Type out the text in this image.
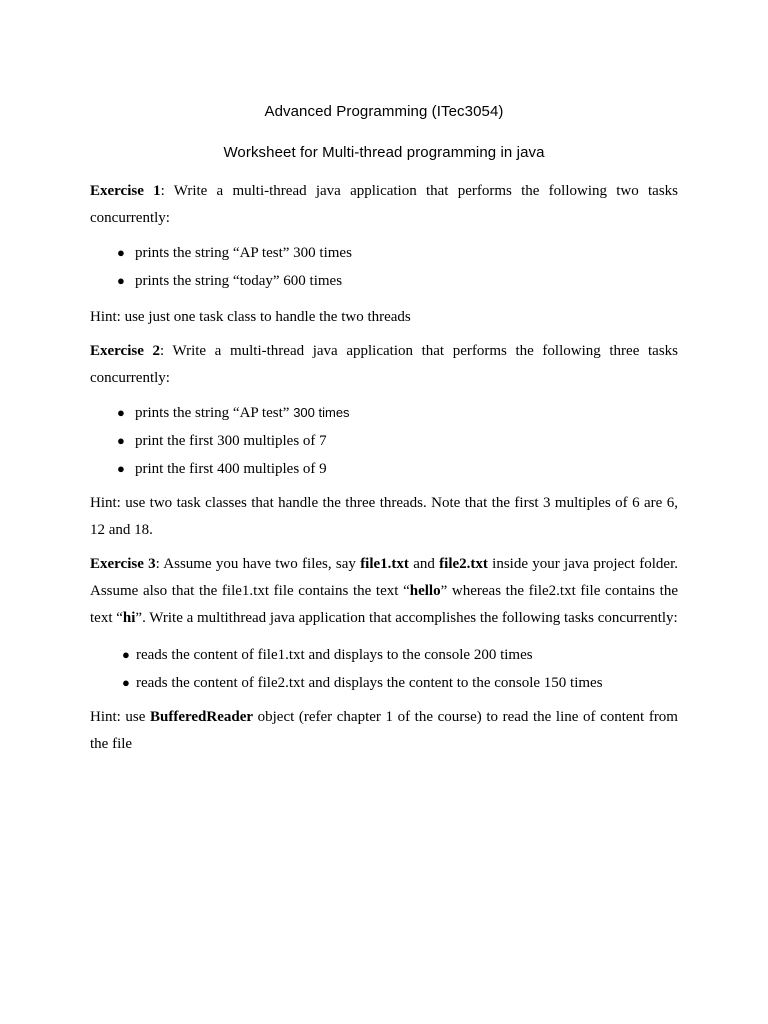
Advanced Programming (ITec3054)
Worksheet for Multi-thread programming in java
Exercise 1: Write a multi-thread java application that performs the following two tasks concurrently:
● prints the string “AP test” 300 times
● prints the string “today” 600 times
Hint: use just one task class to handle the two threads
Exercise 2: Write a multi-thread java application that performs the following three tasks concurrently:
● prints the string “AP test” 300 times
● print the first 300 multiples of 7
● print the first 400 multiples of 9
Hint: use two task classes that handle the three threads. Note that the first 3 multiples of 6 are 6, 12 and 18.
Exercise 3: Assume you have two files, say file1.txt and file2.txt inside your java project folder. Assume also that the file1.txt file contains the text “hello” whereas the file2.txt file contains the text “hi”. Write a multithread java application that accomplishes the following tasks concurrently:
● reads the content of file1.txt and displays to the console 200 times
● reads the content of file2.txt and displays the content to the console 150 times
Hint: use BufferedReader object (refer chapter 1 of the course) to read the line of content from the file
